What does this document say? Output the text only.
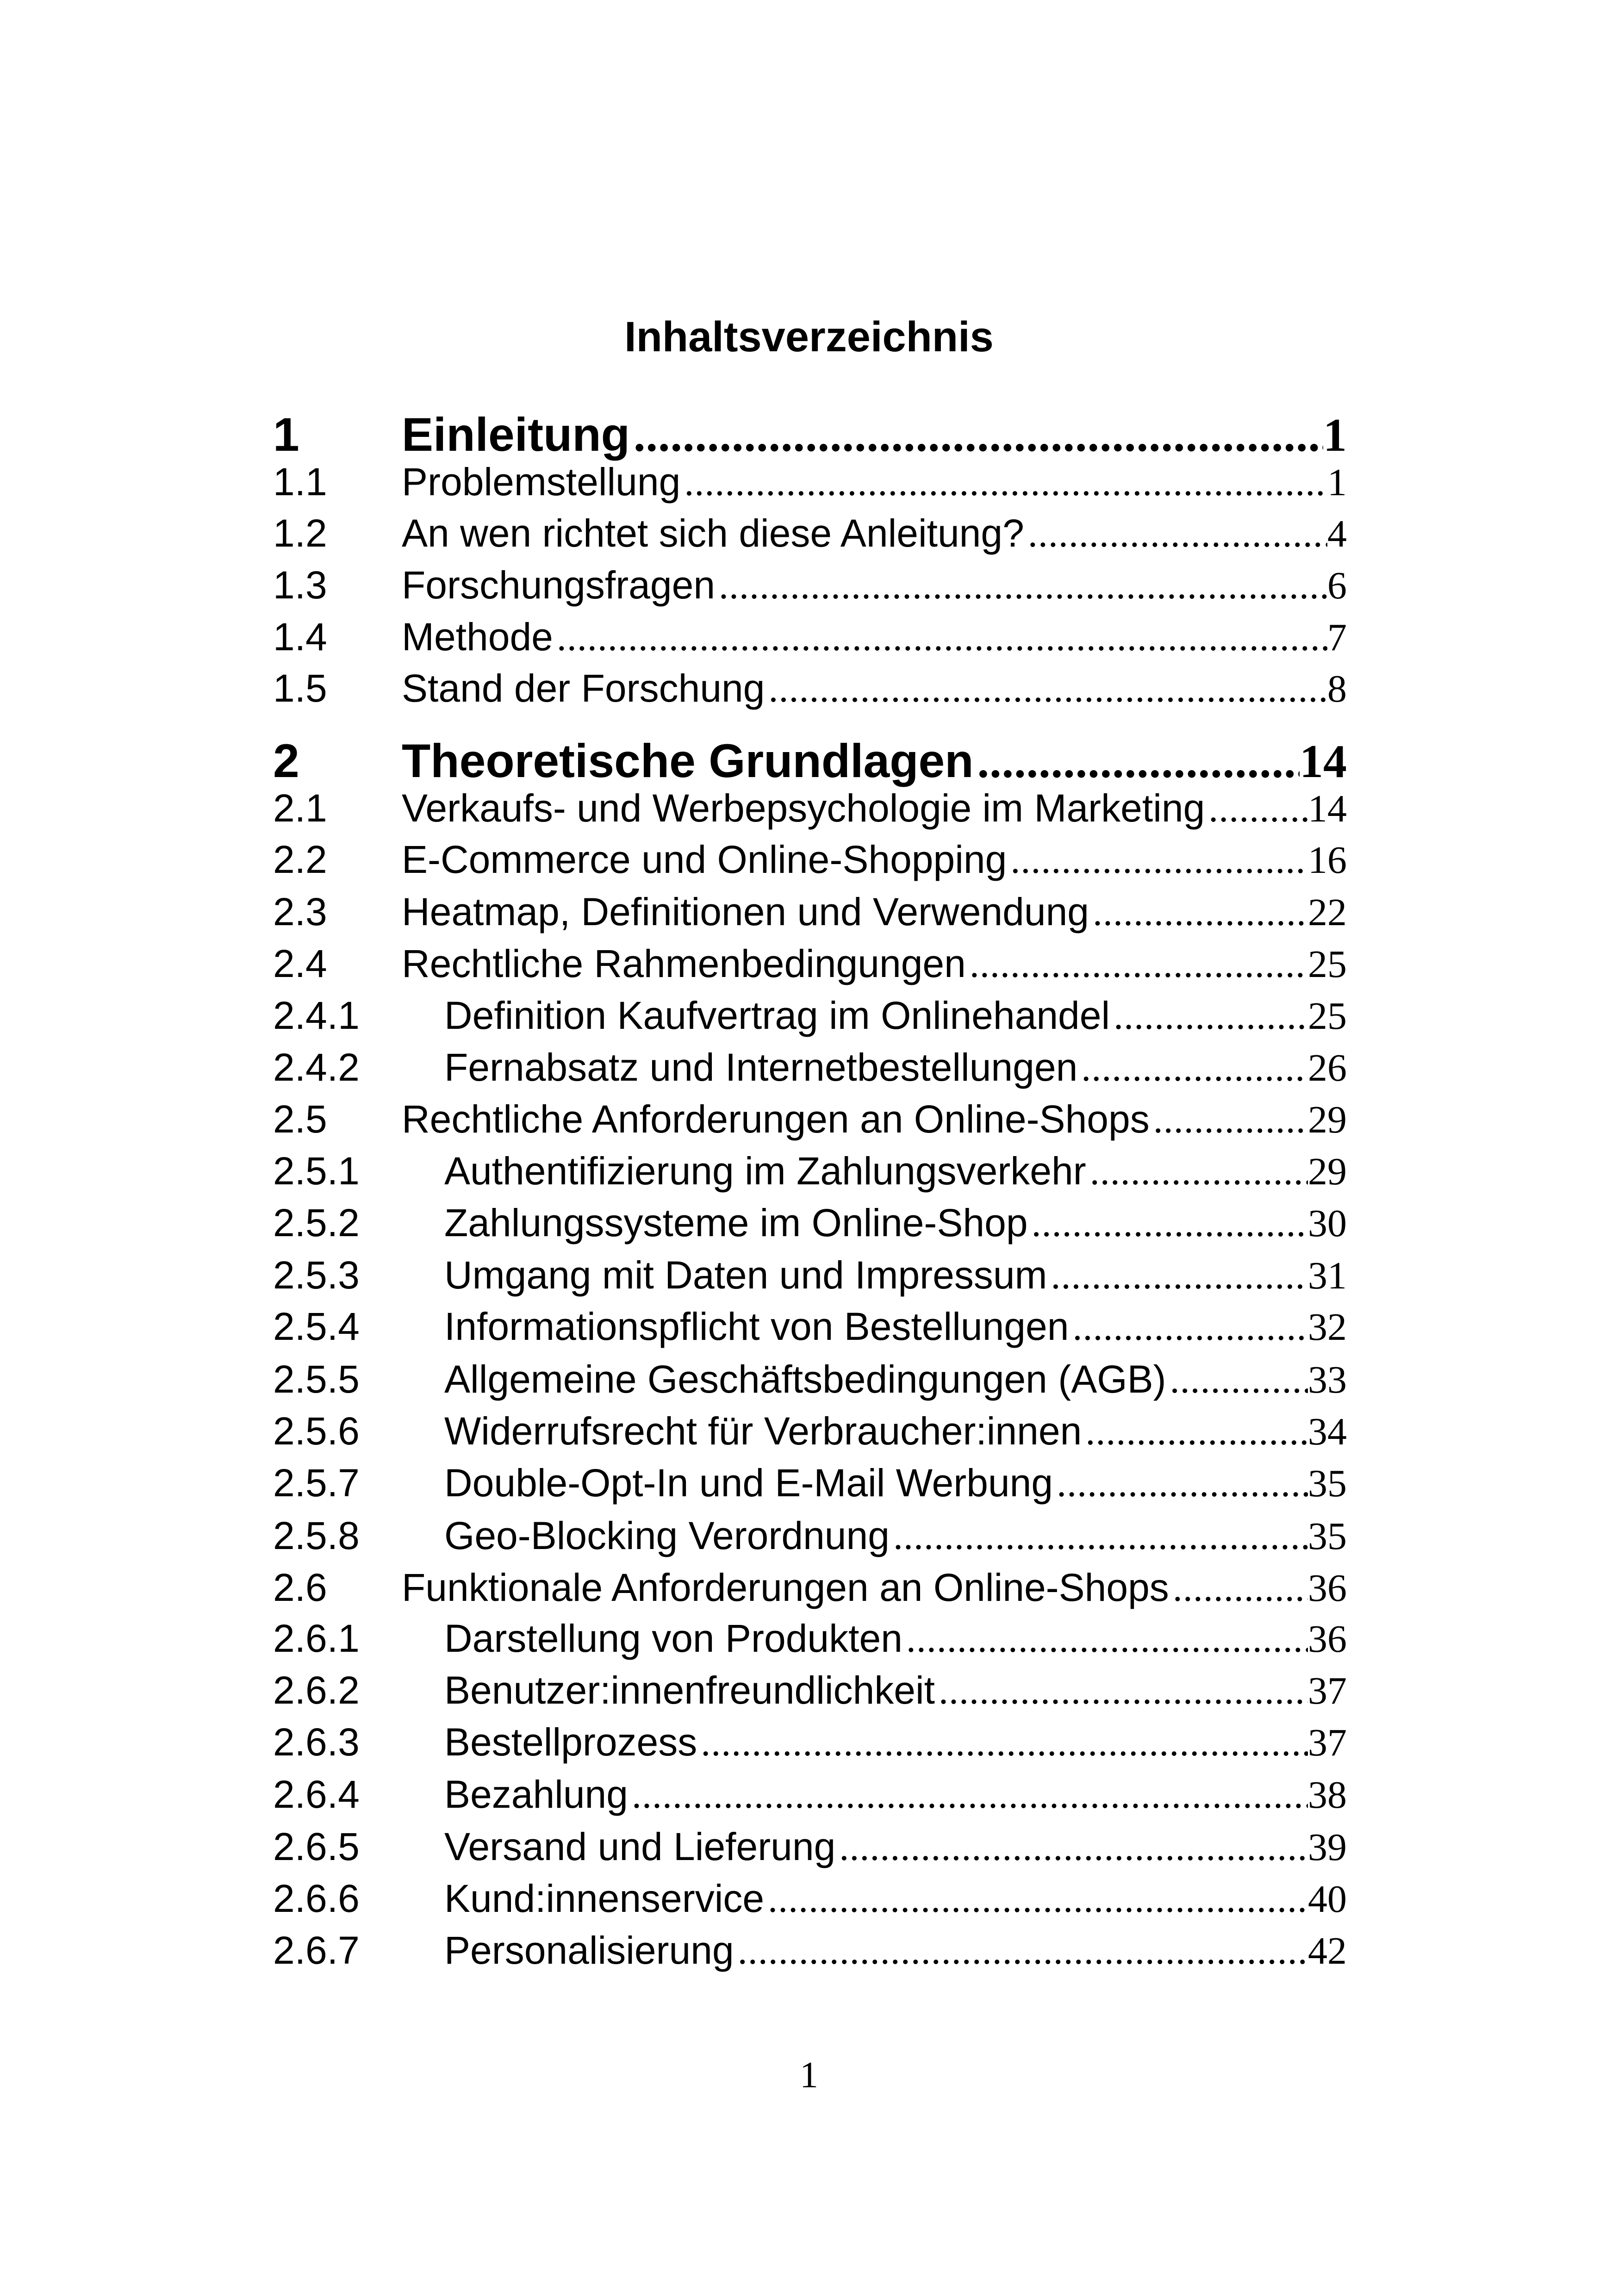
Inhaltsverzeichnis
1	Einleitung .....	1
1.1	Problemstellung .....	1
1.2	An wen richtet sich diese Anleitung? .....	4
1.3	Forschungsfragen .....	6
1.4	Methode .....	7
1.5	Stand der Forschung .....	8
2	Theoretische Grundlagen .....	14
2.1	Verkaufs- und Werbepsychologie im Marketing .....	14
2.2	E-Commerce und Online-Shopping .....	16
2.3	Heatmap, Definitionen und Verwendung .....	22
2.4	Rechtliche Rahmenbedingungen .....	25
2.4.1	Definition Kaufvertrag im Onlinehandel .....	25
2.4.2	Fernabsatz und Internetbestellungen .....	26
2.5	Rechtliche Anforderungen an Online-Shops .....	29
2.5.1	Authentifizierung im Zahlungsverkehr .....	29
2.5.2	Zahlungssysteme im Online-Shop .....	30
2.5.3	Umgang mit Daten und Impressum .....	31
2.5.4	Informationspflicht von Bestellungen .....	32
2.5.5	Allgemeine Geschäftsbedingungen (AGB) .....	33
2.5.6	Widerrufsrecht für Verbraucher:innen .....	34
2.5.7	Double-Opt-In und E-Mail Werbung .....	35
2.5.8	Geo-Blocking Verordnung .....	35
2.6	Funktionale Anforderungen an Online-Shops .....	36
2.6.1	Darstellung von Produkten .....	36
2.6.2	Benutzer:innenfreundlichkeit .....	37
2.6.3	Bestellprozess .....	37
2.6.4	Bezahlung .....	38
2.6.5	Versand und Lieferung .....	39
2.6.6	Kund:innenservice .....	40
2.6.7	Personalisierung .....	42
1
